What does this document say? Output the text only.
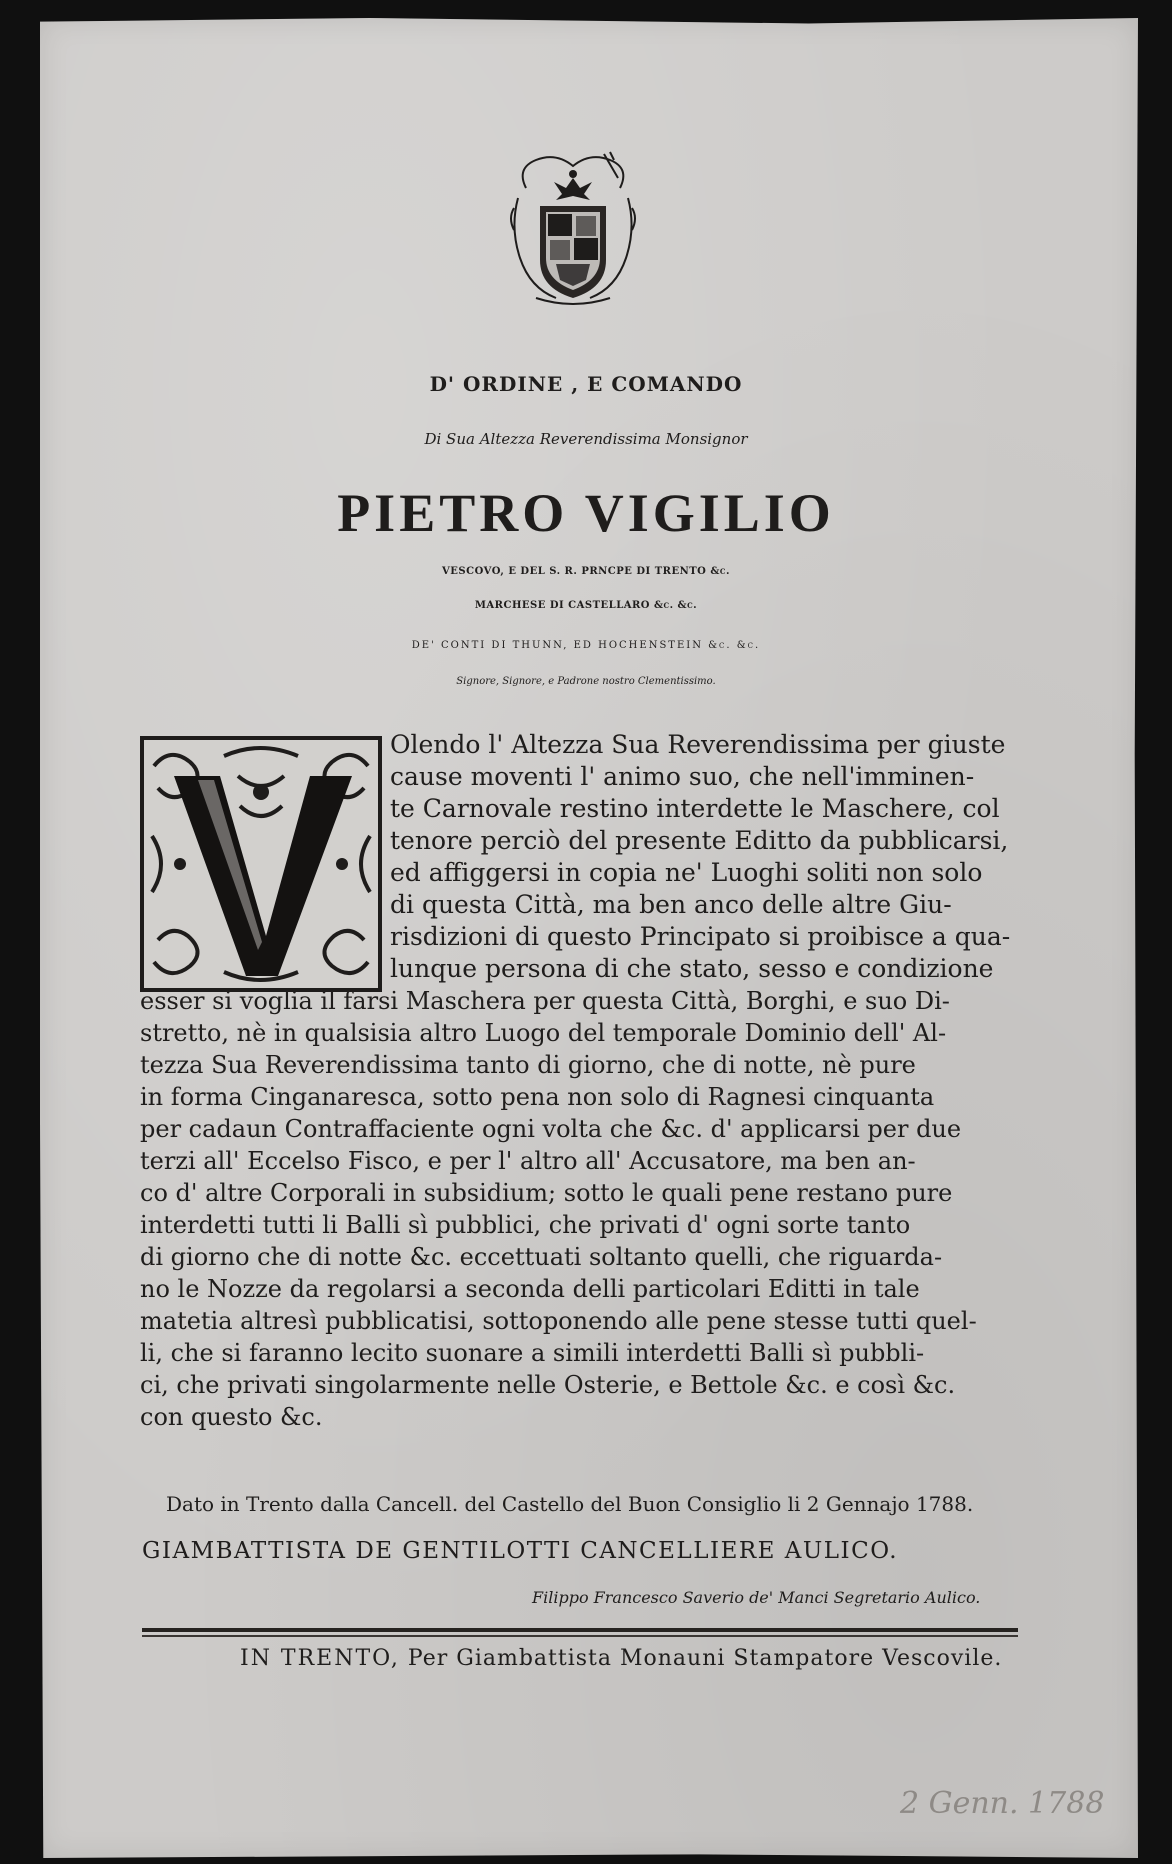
D' ORDINE , E COMANDO
Di Sua Altezza Reverendissima Monsignor
PIETRO VIGILIO
VESCOVO, E DEL S. R. PRNCPE DI TRENTO &c.
MARCHESE DI CASTELLARO &c. &c.
DE' CONTI DI THUNN, ED HOCHENSTEIN &c. &c.
Signore, Signore, e Padrone nostro Clementissimo.
Olendo l' Altezza Sua Reverendissima per giuste
cause moventi l' animo suo, che nell'imminen-
te Carnovale restino interdette le Maschere, col
tenore perciò del presente Editto da pubblicarsi,
ed affiggersi in copia ne' Luoghi soliti non solo
di questa Città, ma ben anco delle altre Giu-
risdizioni di questo Principato si proibisce a qua-
lunque persona di che stato, sesso e condizione
esser si voglia il farsi Maschera per questa Città, Borghi, e suo Di-
stretto, nè in qualsisia altro Luogo del temporale Dominio dell' Al-
tezza Sua Reverendissima tanto di giorno, che di notte, nè pure
in forma Cinganaresca, sotto pena non solo di Ragnesi cinquanta
per cadaun Contraffaciente ogni volta che &c. d' applicarsi per due
terzi all' Eccelso Fisco, e per l' altro all' Accusatore, ma ben an-
co d' altre Corporali in subsidium; sotto le quali pene restano pure
interdetti tutti li Balli sì pubblici, che privati d' ogni sorte tanto
di giorno che di notte &c. eccettuati soltanto quelli, che riguarda-
no le Nozze da regolarsi a seconda delli particolari Editti in tale
matetia altresì pubblicatisi, sottoponendo alle pene stesse tutti quel-
li, che si faranno lecito suonare a simili interdetti Balli sì pubbli-
ci, che privati singolarmente nelle Osterie, e Bettole &c. e così &c.
con questo &c.
Dato in Trento dalla Cancell. del Castello del Buon Consiglio li 2 Gennajo 1788.
GIAMBATTISTA DE GENTILOTTI CANCELLIERE AULICO.
Filippo Francesco Saverio de' Manci Segretario Aulico.
IN TRENTO, Per Giambattista Monauni Stampatore Vescovile.
2 Genn. 1788
